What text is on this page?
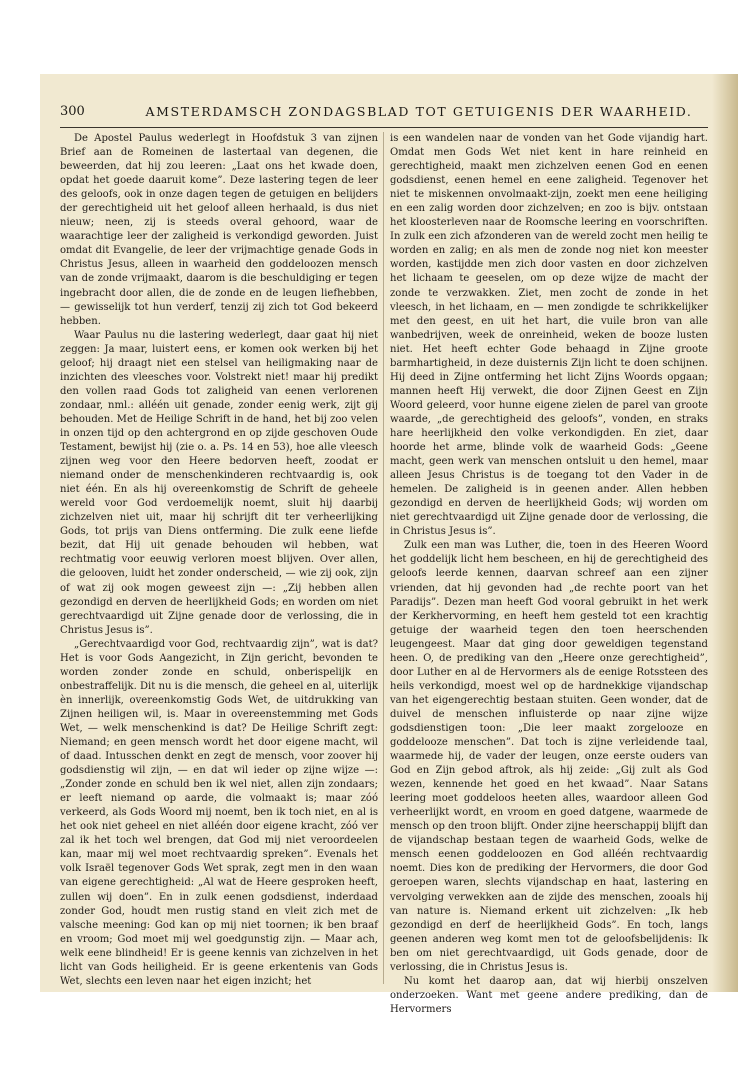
300	AMSTERDAMSCH ZONDAGSBLAD TOT GETUIGENIS DER WAARHEID.

De Apostel Paulus wederlegt in Hoofdstuk 3 van zijnen Brief aan de Romeinen de lastertaal van degenen, die beweerden, dat hij zou leeren: „Laat ons het kwade doen, opdat het goede daaruit kome”. Deze lastering tegen de leer des geloofs, ook in onze dagen tegen de getuigen en belijders der gerechtigheid uit het geloof alleen herhaald, is dus niet nieuw; neen, zij is steeds overal gehoord, waar de waarachtige leer der zaligheid is verkondigd geworden. Juist omdat dit Evangelie, de leer der vrijmachtige genade Gods in Christus Jesus, alleen in waarheid den goddeloozen mensch van de zonde vrijmaakt, daarom is die beschuldiging er tegen ingebracht door allen, die de zonde en de leugen liefhebben, — gewisselijk tot hun verderf, tenzij zij zich tot God bekeerd hebben.

Waar Paulus nu die lastering wederlegt, daar gaat hij niet zeggen: Ja maar, luistert eens, er komen ook werken bij het geloof; hij draagt niet een stelsel van heiligmaking naar de inzichten des vleesches voor. Volstrekt niet! maar hij predikt den vollen raad Gods tot zaligheid van eenen verlorenen zondaar, nml.: alléén uit genade, zonder eenig werk, zijt gij behouden. Met de Heilige Schrift in de hand, het bij zoo velen in onzen tijd op den achtergrond en op zijde geschoven Oude Testament, bewijst hij (zie o. a. Ps. 14 en 53), hoe alle vleesch zijnen weg voor den Heere bedorven heeft, zoodat er niemand onder de menschenkinderen rechtvaardig is, ook niet één. En als hij overeenkomstig de Schrift de geheele wereld voor God verdoemelijk noemt, sluit hij daarbij zichzelven niet uit, maar hij schrijft dit ter verheerlijking Gods, tot prijs van Diens ontferming. Die zulk eene liefde bezit, dat Hij uit genade behouden wil hebben, wat rechtmatig voor eeuwig verloren moest blijven. Over allen, die gelooven, luidt het zonder onderscheid, — wie zij ook, zijn of wat zij ook mogen geweest zijn —: „Zij hebben allen gezondigd en derven de heerlijkheid Gods; en worden om niet gerechtvaardigd uit Zijne genade door de verlossing, die in Christus Jesus is”.

„Gerechtvaardigd voor God, rechtvaardig zijn”, wat is dat? Het is voor Gods Aangezicht, in Zijn gericht, bevonden te worden zonder zonde en schuld, onberispelijk en onbestraffelijk. Dit nu is die mensch, die geheel en al, uiterlijk èn innerlijk, overeenkomstig Gods Wet, de uitdrukking van Zijnen heiligen wil, is. Maar in overeenstemming met Gods Wet, — welk menschenkind is dat? De Heilige Schrift zegt: Niemand; en geen mensch wordt het door eigene macht, wil of daad. Intusschen denkt en zegt de mensch, voor zoover hij godsdienstig wil zijn, — en dat wil ieder op zijne wijze —: „Zonder zonde en schuld ben ik wel niet, allen zijn zondaars; er leeft niemand op aarde, die volmaakt is; maar zóó verkeerd, als Gods Woord mij noemt, ben ik toch niet, en al is het ook niet geheel en niet alléén door eigene kracht, zóó ver zal ik het toch wel brengen, dat God mij niet veroordeelen kan, maar mij wel moet rechtvaardig spreken”. Evenals het volk Israël tegenover Gods Wet sprak, zegt men in den waan van eigene gerechtigheid: „Al wat de Heere gesproken heeft, zullen wij doen”. En in zulk eenen godsdienst, inderdaad zonder God, houdt men rustig stand en vleit zich met de valsche meening: God kan op mij niet toornen; ik ben braaf en vroom; God moet mij wel goedgunstig zijn. — Maar ach, welk eene blindheid! Er is geene kennis van zichzelven in het licht van Gods heiligheid. Er is geene erkentenis van Gods Wet, slechts een leven naar het eigen inzicht; het

is een wandelen naar de vonden van het Gode vijandig hart. Omdat men Gods Wet niet kent in hare reinheid en gerechtigheid, maakt men zichzelven eenen God en eenen godsdienst, eenen hemel en eene zaligheid. Tegenover het niet te miskennen onvolmaakt-zijn, zoekt men eene heiliging en een zalig worden door zichzelven; en zoo is bijv. ontstaan het kloosterleven naar de Roomsche leering en voorschriften. In zulk een zich afzonderen van de wereld zocht men heilig te worden en zalig; en als men de zonde nog niet kon meester worden, kastijdde men zich door vasten en door zichzelven het lichaam te geeselen, om op deze wijze de macht der zonde te verzwakken. Ziet, men zocht de zonde in het vleesch, in het lichaam, en — men zondigde te schrikkelijker met den geest, en uit het hart, die vuile bron van alle wanbedrijven, week de onreinheid, weken de booze lusten niet. Het heeft echter Gode behaagd in Zijne groote barmhartigheid, in deze duisternis Zijn licht te doen schijnen. Hij deed in Zijne ontferming het licht Zijns Woords opgaan; mannen heeft Hij verwekt, die door Zijnen Geest en Zijn Woord geleerd, voor hunne eigene zielen de parel van groote waarde, „de gerechtigheid des geloofs”, vonden, en straks hare heerlijkheid den volke verkondigden. En ziet, daar hoorde het arme, blinde volk de waarheid Gods: „Geene macht, geen werk van menschen ontsluit u den hemel, maar alleen Jesus Christus is de toegang tot den Vader in de hemelen. De zaligheid is in geenen ander. Allen hebben gezondigd en derven de heerlijkheid Gods; wij worden om niet gerechtvaardigd uit Zijne genade door de verlossing, die in Christus Jesus is”.

Zulk een man was Luther, die, toen in des Heeren Woord het goddelijk licht hem bescheen, en hij de gerechtigheid des geloofs leerde kennen, daarvan schreef aan een zijner vrienden, dat hij gevonden had „de rechte poort van het Paradijs”. Dezen man heeft God vooral gebruikt in het werk der Kerkhervorming, en heeft hem gesteld tot een krachtig getuige der waarheid tegen den toen heerschenden leugengeest. Maar dat ging door geweldigen tegenstand heen. O, de prediking van den „Heere onze gerechtigheid”, door Luther en al de Hervormers als de eenige Rotssteen des heils verkondigd, moest wel op de hardnekkige vijandschap van het eigengerechtig bestaan stuiten. Geen wonder, dat de duivel de menschen influisterde op naar zijne wijze godsdienstigen toon: „Die leer maakt zorgelooze en goddelooze menschen”. Dat toch is zijne verleidende taal, waarmede hij, de vader der leugen, onze eerste ouders van God en Zijn gebod aftrok, als hij zeide: „Gij zult als God wezen, kennende het goed en het kwaad”. Naar Satans leering moet goddeloos heeten alles, waardoor alleen God verheerlijkt wordt, en vroom en goed datgene, waarmede de mensch op den troon blijft. Onder zijne heerschappij blijft dan de vijandschap bestaan tegen de waarheid Gods, welke de mensch eenen goddeloozen en God alléén rechtvaardig noemt. Dies kon de prediking der Hervormers, die door God geroepen waren, slechts vijandschap en haat, lastering en vervolging verwekken aan de zijde des menschen, zooals hij van nature is. Niemand erkent uit zichzelven: „Ik heb gezondigd en derf de heerlijkheid Gods”. En toch, langs geenen anderen weg komt men tot de geloofsbelijdenis: Ik ben om niet gerechtvaardigd, uit Gods genade, door de verlossing, die in Christus Jesus is.

Nu komt het daarop aan, dat wij hierbij onszelven onderzoeken. Want met geene andere prediking, dan de Hervormers
